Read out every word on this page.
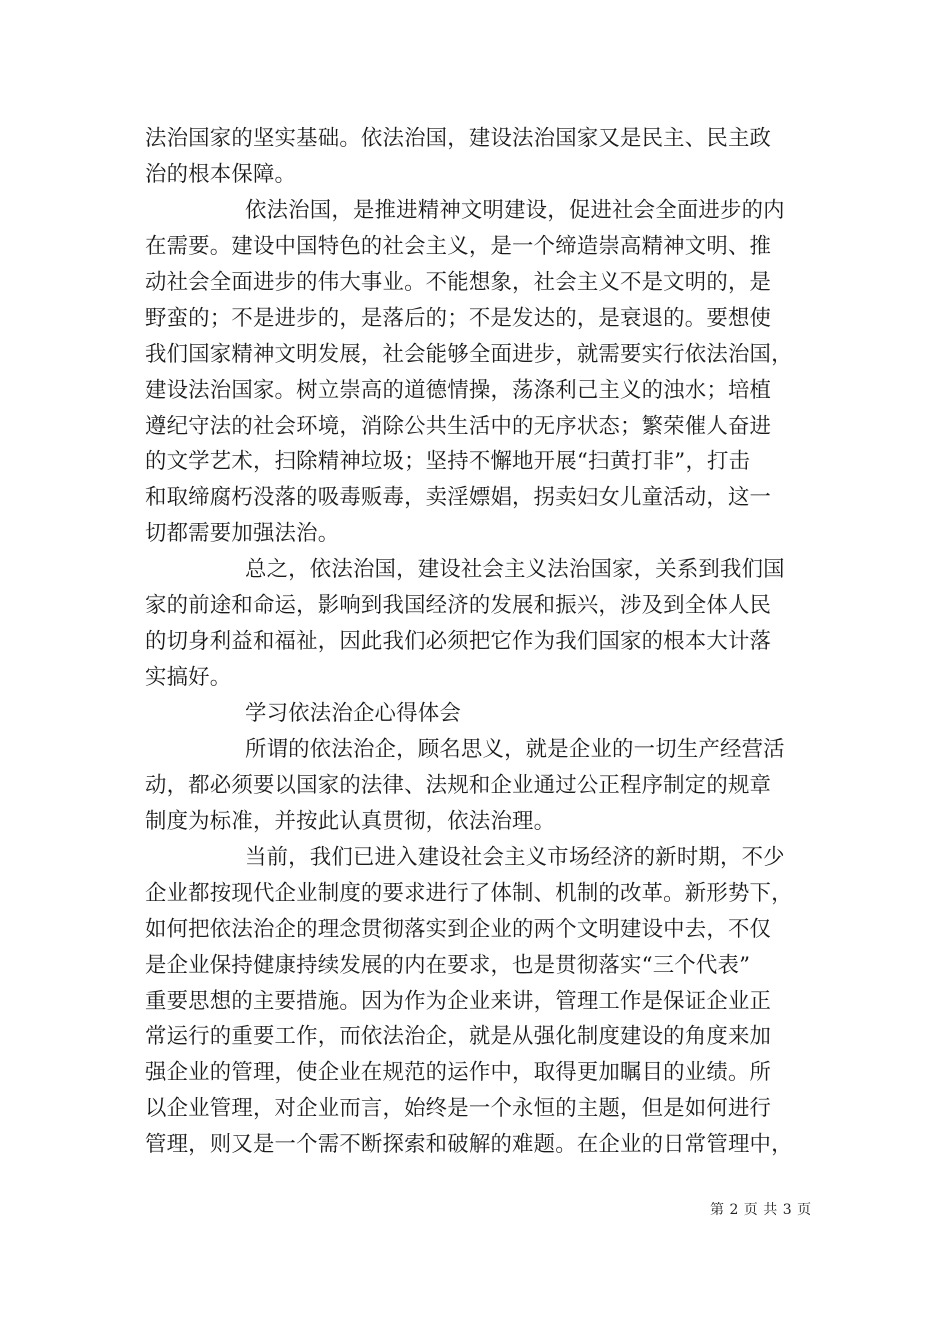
法治国家的坚实基础。依法治国，建设法治国家又是民主、民主政
治的根本保障。
依法治国，是推进精神文明建设，促进社会全面进步的内
在需要。建设中国特色的社会主义，是一个缔造崇高精神文明、推
动社会全面进步的伟大事业。不能想象，社会主义不是文明的，是
野蛮的；不是进步的，是落后的；不是发达的，是衰退的。要想使
我们国家精神文明发展，社会能够全面进步，就需要实行依法治国，
建设法治国家。树立崇高的道德情操，荡涤利己主义的浊水；培植
遵纪守法的社会环境，消除公共生活中的无序状态；繁荣催人奋进
的文学艺术，扫除精神垃圾；坚持不懈地开展“扫黄打非”，打击
和取缔腐朽没落的吸毒贩毒，卖淫嫖娼，拐卖妇女儿童活动，这一
切都需要加强法治。
总之，依法治国，建设社会主义法治国家，关系到我们国
家的前途和命运，影响到我国经济的发展和振兴，涉及到全体人民
的切身利益和福祉，因此我们必须把它作为我们国家的根本大计落
实搞好。
学习依法治企心得体会
所谓的依法治企，顾名思义，就是企业的一切生产经营活
动，都必须要以国家的法律、法规和企业通过公正程序制定的规章
制度为标准，并按此认真贯彻，依法治理。
当前，我们已进入建设社会主义市场经济的新时期，不少
企业都按现代企业制度的要求进行了体制、机制的改革。新形势下，
如何把依法治企的理念贯彻落实到企业的两个文明建设中去，不仅
是企业保持健康持续发展的内在要求，也是贯彻落实“三个代表”
重要思想的主要措施。因为作为企业来讲，管理工作是保证企业正
常运行的重要工作，而依法治企，就是从强化制度建设的角度来加
强企业的管理，使企业在规范的运作中，取得更加瞩目的业绩。所
以企业管理，对企业而言，始终是一个永恒的主题，但是如何进行
管理，则又是一个需不断探索和破解的难题。在企业的日常管理中，
第 2 页 共 3 页
